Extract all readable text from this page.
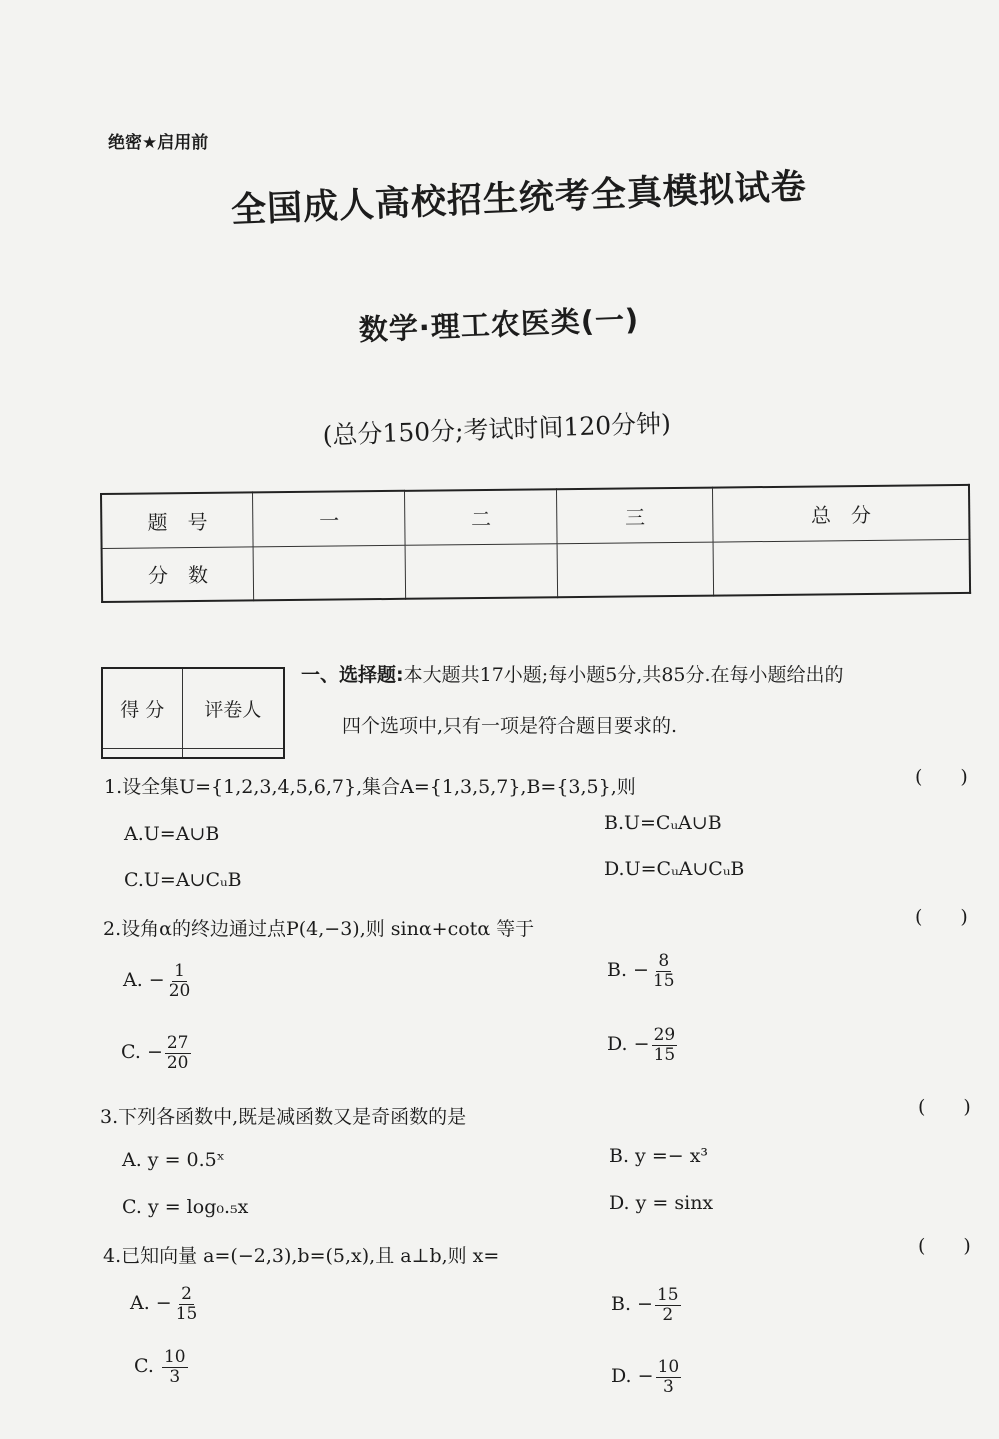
绝密★启用前
全国成人高校招生统考全真模拟试卷
数学·理工农医类(一)
(总分150分;考试时间120分钟)
题　号	一	二	三	总　分
分　数				
得 分	评卷人

一、选择题:本大题共17小题;每小题5分,共85分.在每小题给出的
四个选项中,只有一项是符合题目要求的.
1.设全集U={1,2,3,4,5,6,7},集合A={1,3,5,7},B={3,5},则	(　　)
A.U=A∪B	B.U=CᵤA∪B
C.U=A∪CᵤB	D.U=CᵤA∪CᵤB
2.设角α的终边通过点P(4,−3),则 sinα+cotα 等于
(　　)
A. − $\frac{1}{20}$	B. − $\frac{8}{15}$
C. − $\frac{27}{20}$	D. − $\frac{29}{15}$
3.下列各函数中,既是减函数又是奇函数的是	(　　)
A. y = 0.5ˣ	B. y =− x³
C. y = log₀.₅x	D. y = sinx
4.已知向量 a=(−2,3),b=(5,x),且 a⊥b,则 x=	(　　)
A. − $\frac{2}{15}$	B. − $\frac{15}{2}$
C. $\frac{10}{3}$	D. − $\frac{10}{3}$
